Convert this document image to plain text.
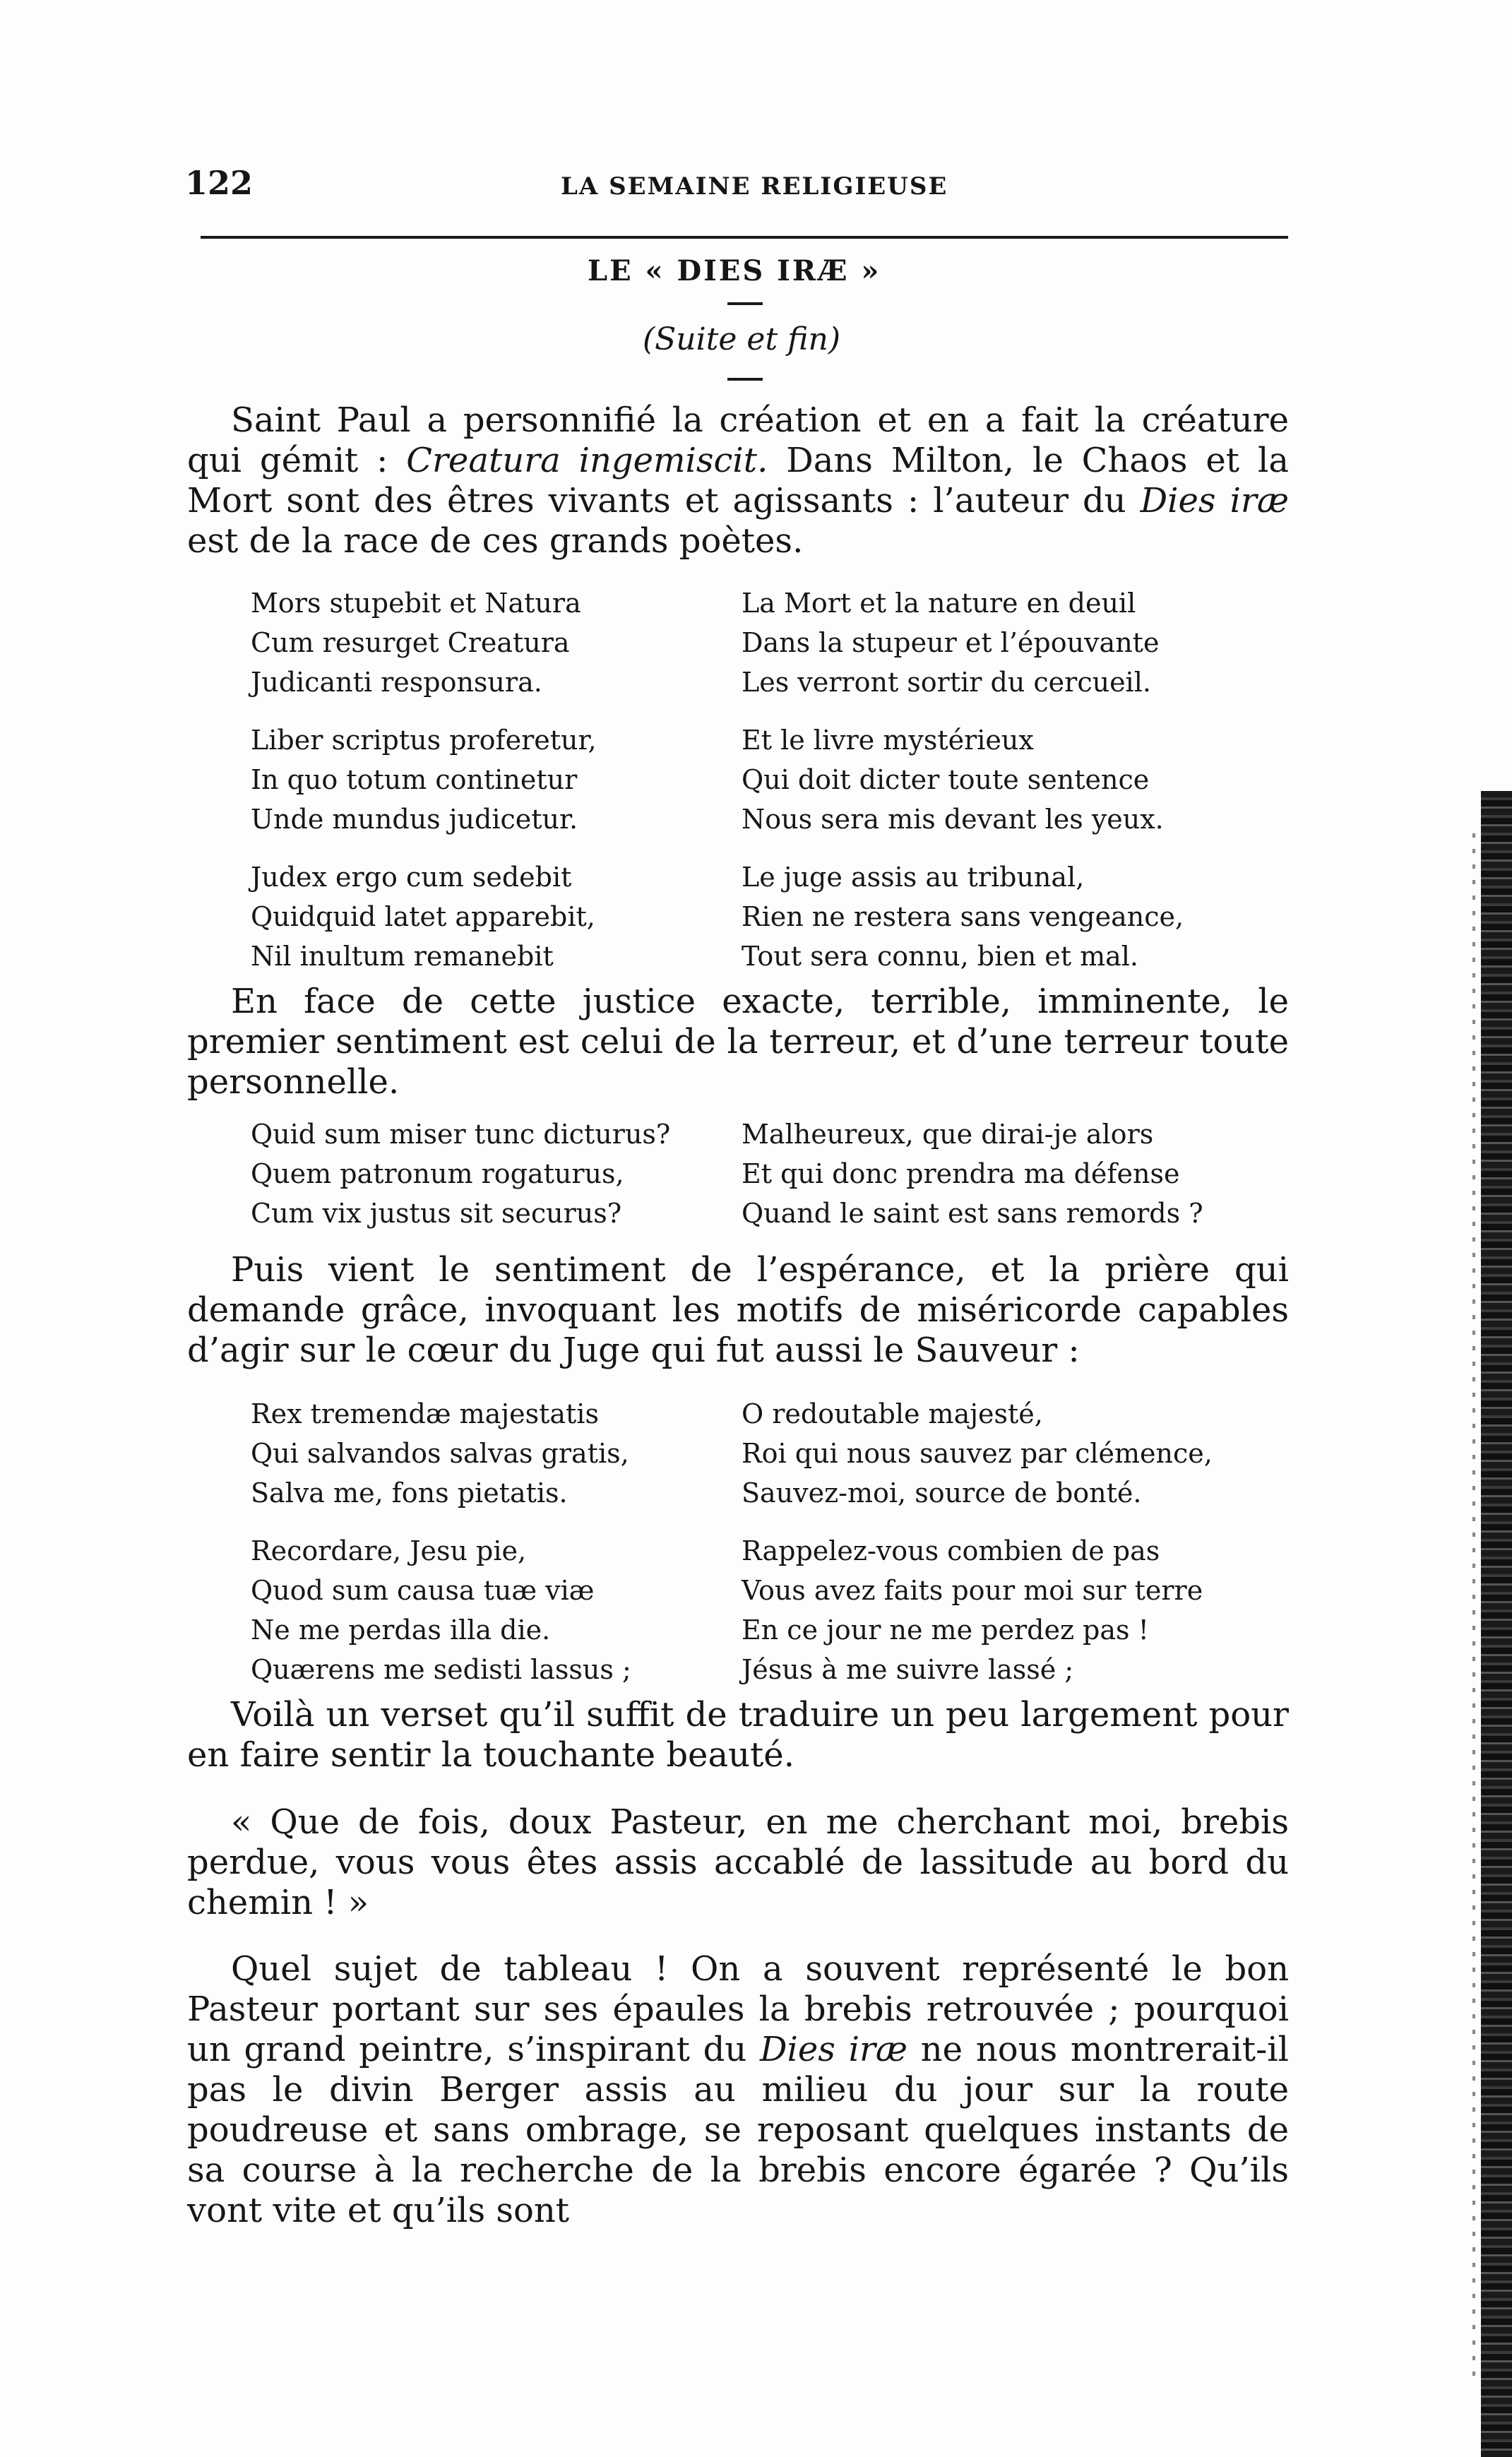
122	LA SEMAINE RELIGIEUSE
LE « DIES IRÆ »
(Suite et fin)

Saint Paul a personnifié la création et en a fait la créature qui gémit : Creatura ingemiscit. Dans Milton, le Chaos et la Mort sont des êtres vivants et agissants : l’auteur du Dies iræ est de la race de ces grands poètes.

Mors stupebit et Natura
Cum resurget Creatura
Judicanti responsura.
Liber scriptus proferetur,
In quo totum continetur
Unde mundus judicetur.
Judex ergo cum sedebit
Quidquid latet apparebit,
Nil inultum remanebit
La Mort et la nature en deuil
Dans la stupeur et l’épouvante
Les verront sortir du cercueil.
Et le livre mystérieux
Qui doit dicter toute sentence
Nous sera mis devant les yeux.
Le juge assis au tribunal,
Rien ne restera sans vengeance,
Tout sera connu, bien et mal.

En face de cette justice exacte, terrible, imminente, le premier sentiment est celui de la terreur, et d’une terreur toute personnelle.

Quid sum miser tunc dicturus?
Quem patronum rogaturus,
Cum vix justus sit securus?
Malheureux, que dirai-je alors
Et qui donc prendra ma défense
Quand le saint est sans remords ?

Puis vient le sentiment de l’espérance, et la prière qui demande grâce, invoquant les motifs de miséricorde capables d’agir sur le cœur du Juge qui fut aussi le Sauveur :

Rex tremendæ majestatis
Qui salvandos salvas gratis,
Salva me, fons pietatis.
Recordare, Jesu pie,
Quod sum causa tuæ viæ
Ne me perdas illa die.
Quærens me sedisti lassus ;
O redoutable majesté,
Roi qui nous sauvez par clémence,
Sauvez-moi, source de bonté.
Rappelez-vous combien de pas
Vous avez faits pour moi sur terre
En ce jour ne me perdez pas !
Jésus à me suivre lassé ;

Voilà un verset qu’il suffit de traduire un peu largement pour en faire sentir la touchante beauté.

« Que de fois, doux Pasteur, en me cherchant moi, brebis perdue, vous vous êtes assis accablé de lassitude au bord du chemin ! »

Quel sujet de tableau ! On a souvent représenté le bon Pasteur portant sur ses épaules la brebis retrouvée ; pourquoi un grand peintre, s’inspirant du Dies iræ ne nous montrerait-il pas le divin Berger assis au milieu du jour sur la route poudreuse et sans ombrage, se reposant quelques instants de sa course à la recherche de la brebis encore égarée ? Qu’ils vont vite et qu’ils sont
